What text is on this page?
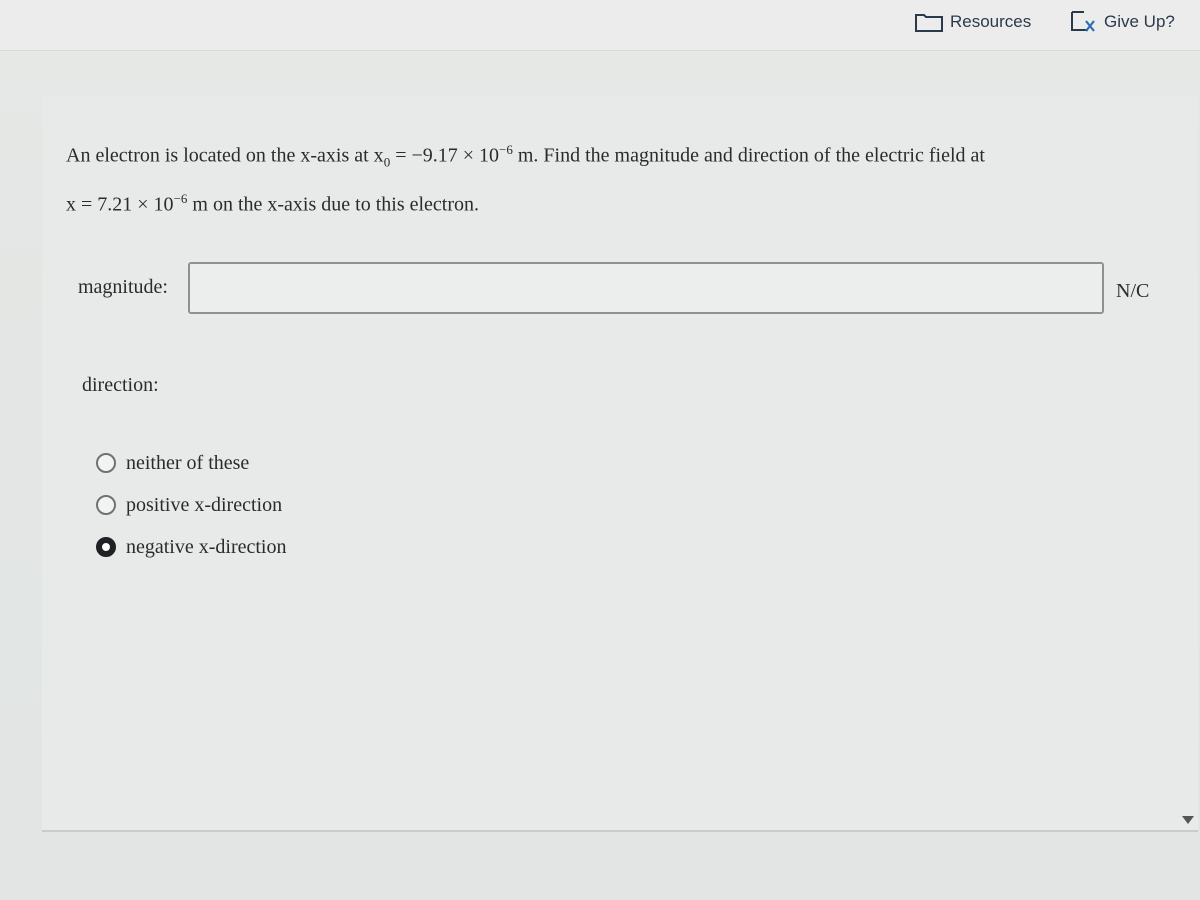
Resources	Give Up?
An electron is located on the x-axis at $x_0 = -9.17 \times 10^{-6}$ m. Find the magnitude and direction of the electric field at
$x = 7.21 \times 10^{-6}$ m on the x-axis due to this electron.
magnitude:	N/C
direction:
neither of these
positive x-direction
negative x-direction
